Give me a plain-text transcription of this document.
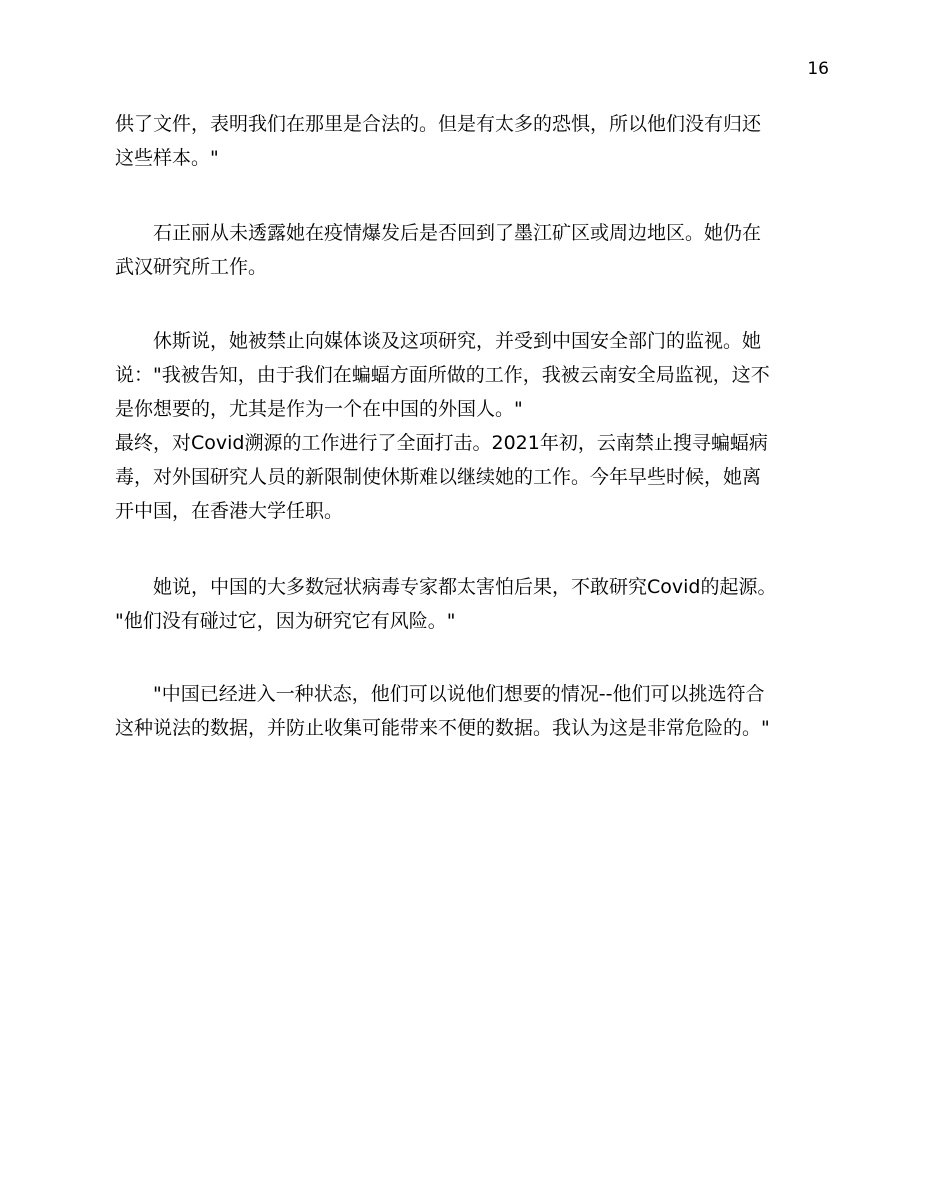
16
供了文件，表明我们在那里是合法的。但是有太多的恐惧，所以他们没有归还
这些样本。"
石正丽从未透露她在疫情爆发后是否回到了墨江矿区或周边地区。她仍在
武汉研究所工作。
休斯说，她被禁止向媒体谈及这项研究，并受到中国安全部门的监视。她
说："我被告知，由于我们在蝙蝠方面所做的工作，我被云南安全局监视，这不
是你想要的，尤其是作为一个在中国的外国人。"
最终，对Covid溯源的工作进行了全面打击。2021年初，云南禁止搜寻蝙蝠病
毒，对外国研究人员的新限制使休斯难以继续她的工作。今年早些时候，她离
开中国，在香港大学任职。
她说，中国的大多数冠状病毒专家都太害怕后果，不敢研究Covid的起源。
"他们没有碰过它，因为研究它有风险。"
"中国已经进入一种状态，他们可以说他们想要的情况--他们可以挑选符合
这种说法的数据，并防止收集可能带来不便的数据。我认为这是非常危险的。"
